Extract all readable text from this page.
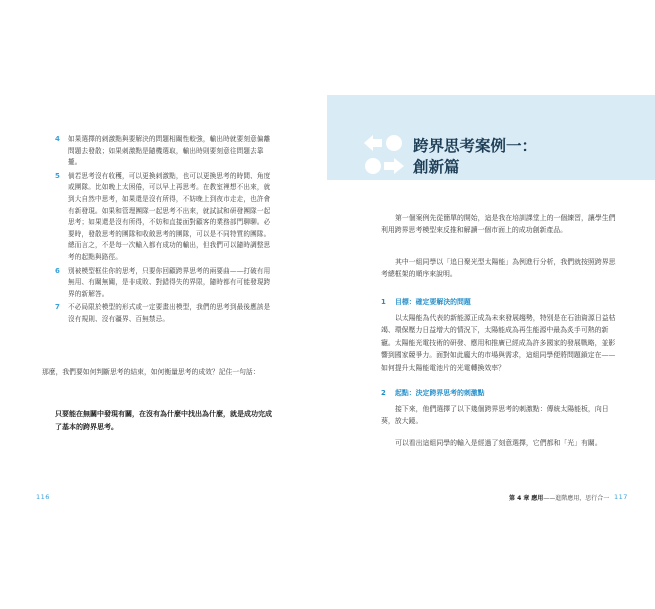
4	如果選擇的刺激點與要解決的問題相關性較強，輸出時就要刻意偏離問題去發散；如果刺激點是隨機選取，輸出時則要刻意往問題去靠攏。
5	倘若思考沒有收穫，可以更換刺激點，也可以更換思考的時間、角度或團隊。比如晚上太困倦，可以早上再思考。在教室裡想不出來，就到大自然中思考，如果還是沒有所得，不妨晚上到夜市走走，也許會有新發現。如果和管理團隊一起思考不出來，就試試和研發團隊一起思考；如果還是沒有所得，不妨和直接面對顧客的業務部門聊聊。必要時，發散思考的團隊和收斂思考的團隊，可以是不同特質的團隊。總而言之，不是每一次輸入都有成功的輸出，但我們可以隨時調整思考的起點與路徑。
6	別被模型框住你的思考，只要你回顧跨界思考的兩要曲——打破有用無用、有關無關，是非成敗、對錯得失的界限，隨時都有可能發現跨界的新解答。
7	不必局限於模型的形式或一定要畫出模型，我們的思考到最後應該是沒有規則、沒有疆界、百無禁忌。
那麼，我們要如何判斷思考的結束，如何衡量思考的成效？記住一句話：
只要能在無關中發現有關，在沒有為什麼中找出為什麼，就是成功完成了基本的跨界思考。
116
跨界思考案例一：
創新篇
第一個案例先從簡單的開始，這是我在培訓課堂上的一個練習，讓學生們利用跨界思考模型來反推和解讀一個市面上的成功創新產品。
其中一組同學以「追日聚光型太陽能」為例進行分析，我們就按照跨界思考總框架的順序來說明。
1 目標：確定要解決的問題
以太陽能為代表的新能源正成為未來發展趨勢，特別是在石油資源日益枯竭、環保壓力日益增大的情況下，太陽能成為再生能源中最為炙手可熱的新寵。太陽能光電技術的研發、應用和推廣已經成為許多國家的發展戰略，並影響到國家競爭力。面對如此龐大的市場與需求，這組同學便將問題鎖定在——如何提升太陽能電池片的光電轉換效率？
2 起點：決定跨界思考的刺激點
接下來，他們選擇了以下幾個跨界思考的刺激點：傳統太陽能板，向日葵，放大鏡。
可以看出這組同學的輸入是經過了刻意選擇，它們都和「光」有關。
第 4 章 應用——進階應用，思行合一 117
